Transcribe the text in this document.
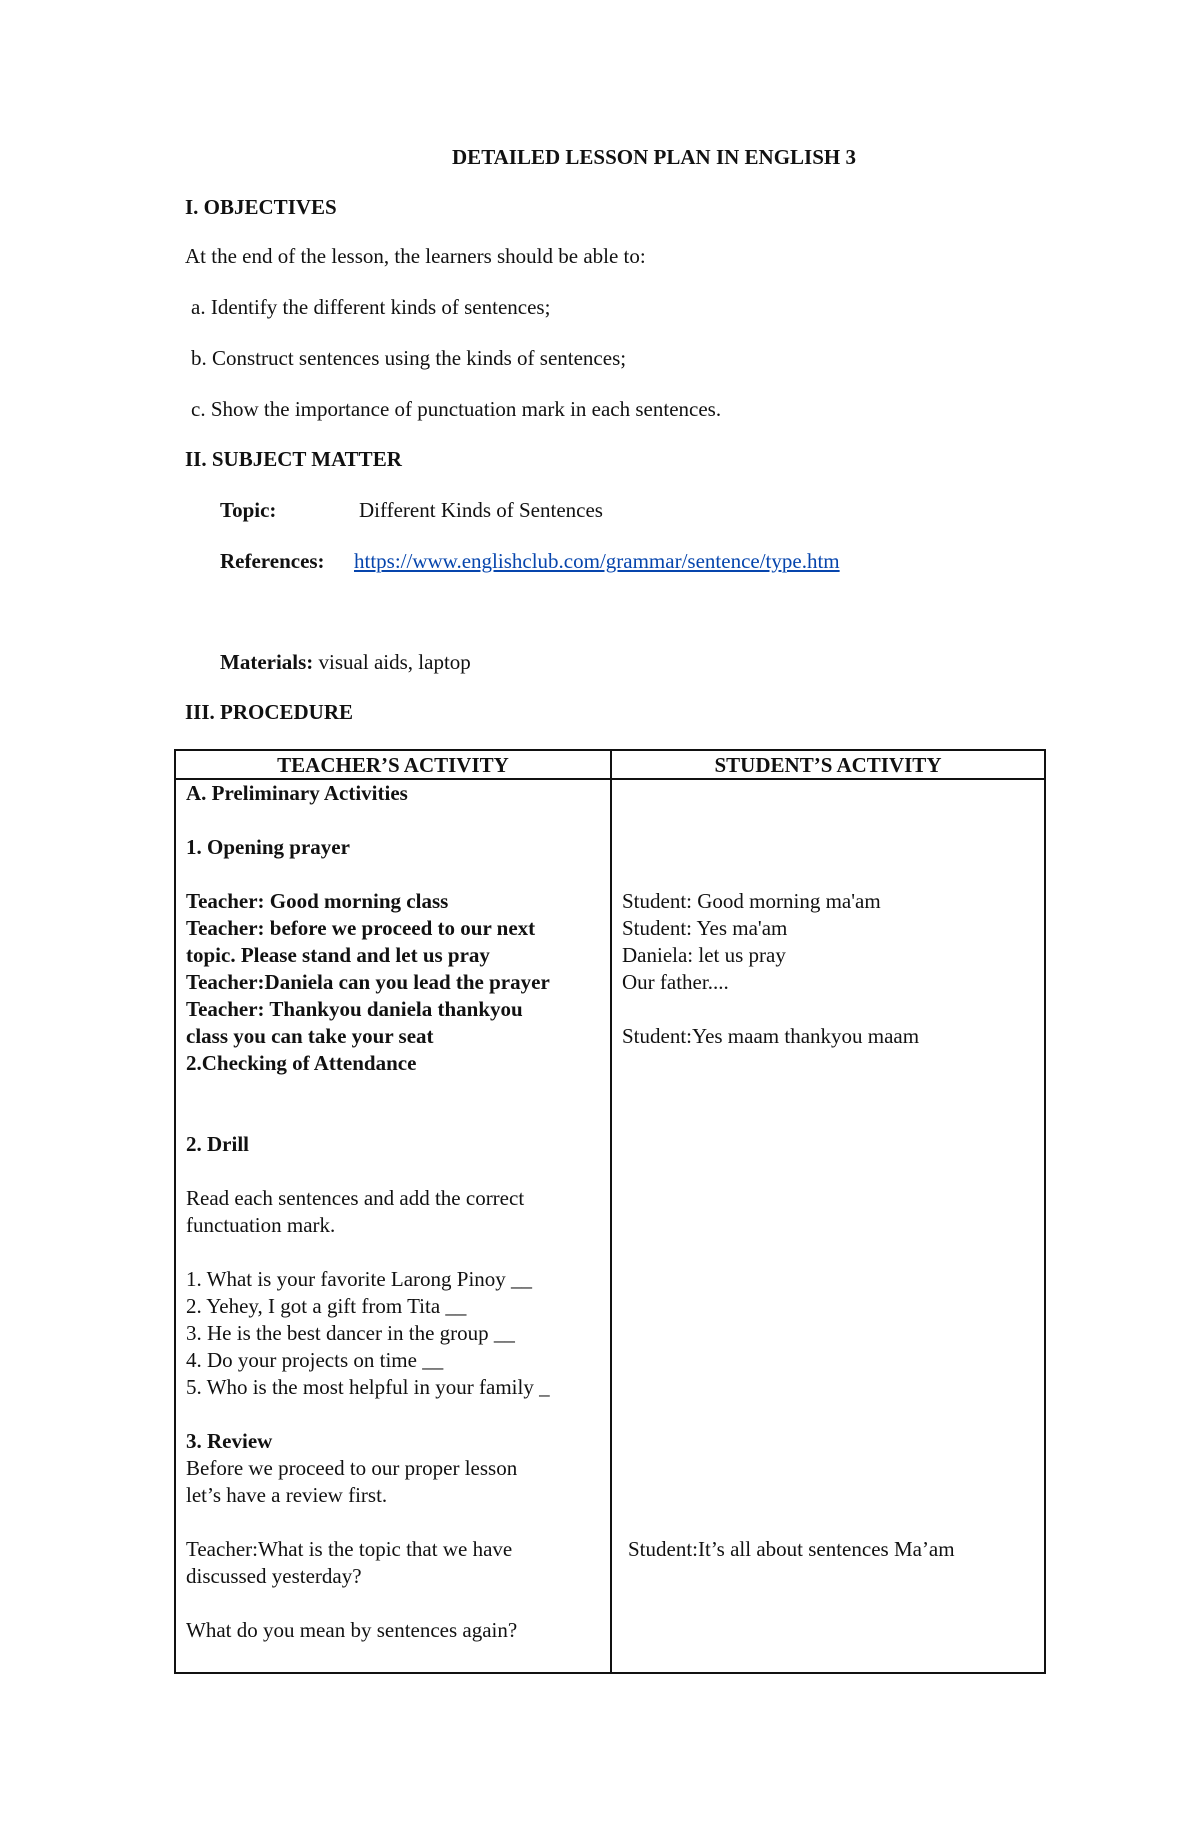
DETAILED LESSON PLAN IN ENGLISH 3
I. OBJECTIVES
At the end of the lesson, the learners should be able to:
a. Identify the different kinds of sentences;
b. Construct sentences using the kinds of sentences;
c. Show the importance of punctuation mark in each sentences.
II. SUBJECT MATTER
Topic:	Different Kinds of Sentences
References: https://www.englishclub.com/grammar/sentence/type.htm
Materials: visual aids, laptop
III. PROCEDURE
TEACHER’S ACTIVITY	STUDENT’S ACTIVITY
A. Preliminary Activities
1. Opening prayer
Teacher: Good morning class
Teacher: before we proceed to our next
topic. Please stand and let us pray
Teacher:Daniela can you lead the prayer
Teacher: Thankyou daniela thankyou
class you can take your seat
2.Checking of Attendance
2. Drill
Read each sentences and add the correct
functuation mark.
1. What is your favorite Larong Pinoy __
2. Yehey, I got a gift from Tita __
3. He is the best dancer in the group __
4. Do your projects on time __
5. Who is the most helpful in your family _
3. Review
Before we proceed to our proper lesson
let’s have a review first.
Teacher:What is the topic that we have
discussed yesterday?
What do you mean by sentences again?
Student: Good morning ma'am
Student: Yes ma'am
Daniela: let us pray
Our father....
Student:Yes maam thankyou maam
Student:It’s all about sentences Ma’am
